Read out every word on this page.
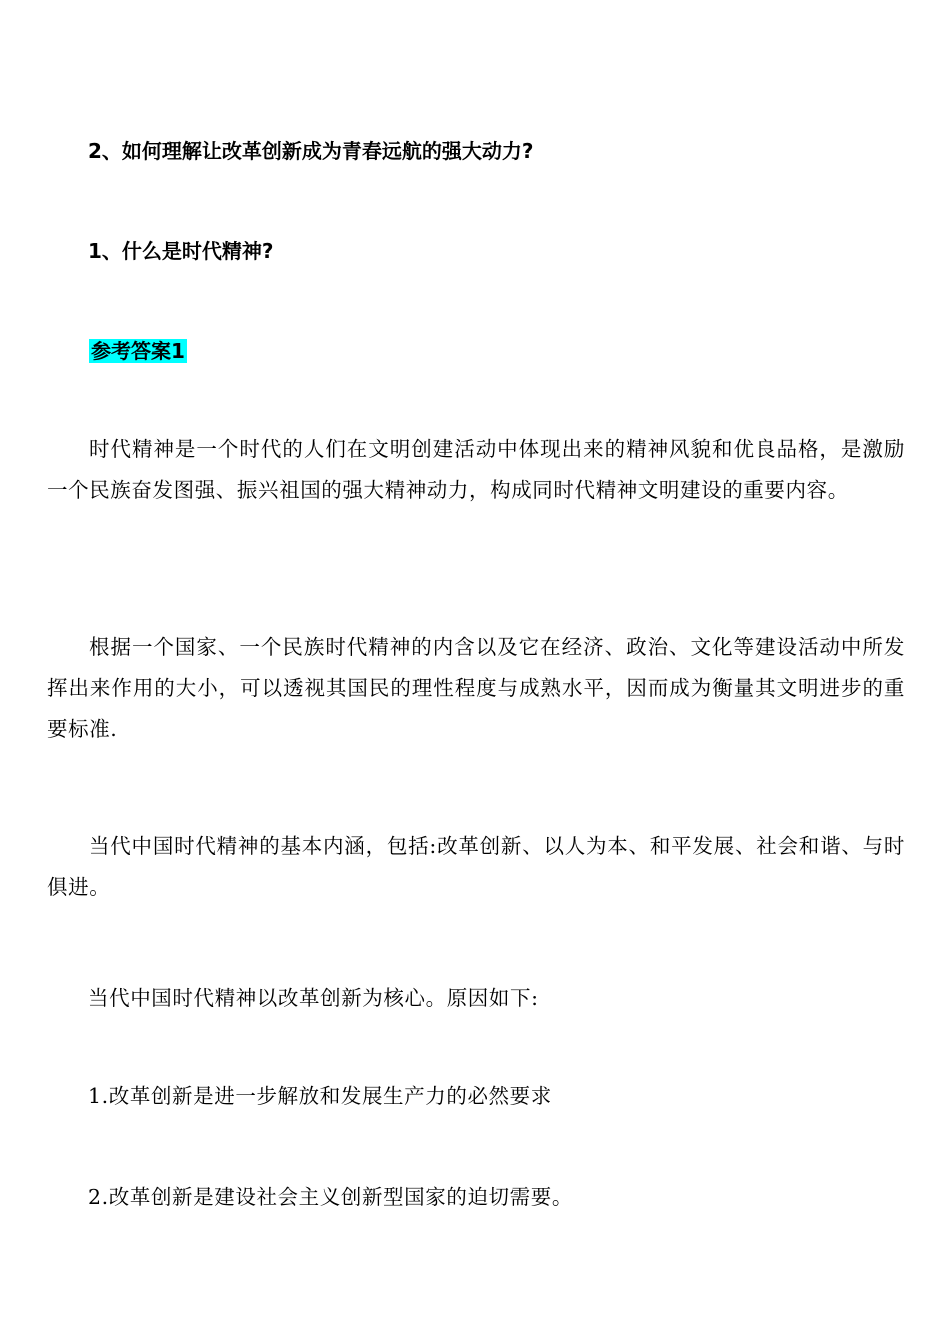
2、如何理解让改革创新成为青春远航的强大动力?
1、什么是时代精神?
参考答案1
时代精神是一个时代的人们在文明创建活动中体现出来的精神风貌和优良品格，是激励一个民族奋发图强、振兴祖国的强大精神动力，构成同时代精神文明建设的重要内容。
根据一个国家、一个民族时代精神的内含以及它在经济、政治、文化等建设活动中所发挥出来作用的大小，可以透视其国民的理性程度与成熟水平，因而成为衡量其文明进步的重要标准.
当代中国时代精神的基本内涵，包括:改革创新、以人为本、和平发展、社会和谐、与时俱进。
当代中国时代精神以改革创新为核心。原因如下:
1.改革创新是进一步解放和发展生产力的必然要求
2.改革创新是建设社会主义创新型国家的迫切需要。
